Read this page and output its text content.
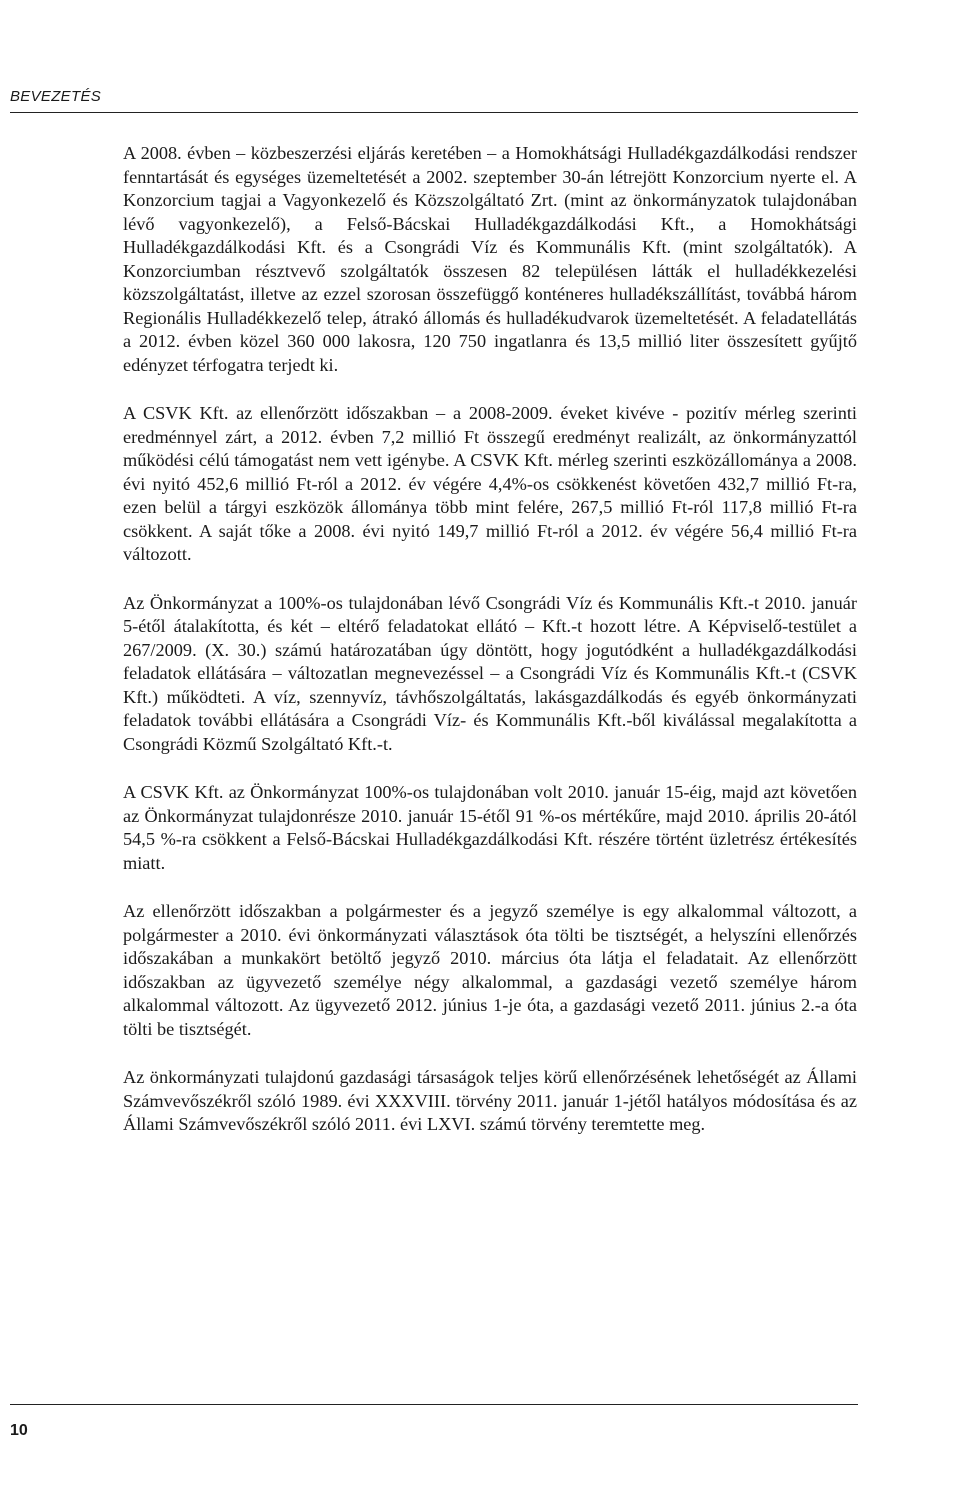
BEVEZETÉS

A 2008. évben – közbeszerzési eljárás keretében – a Homokhátsági Hulladékgazdálkodási rendszer fenntartását és egységes üzemeltetését a 2002. szeptember 30-án létrejött Konzorcium nyerte el. A Konzorcium tagjai a Vagyonkezelő és Közszolgáltató Zrt. (mint az önkormányzatok tulajdonában lévő vagyonkezelő), a Felső-Bácskai Hulladékgazdálkodási Kft., a Homokhátsági Hulladékgazdálkodási Kft. és a Csongrádi Víz és Kommunális Kft. (mint szolgáltatók). A Konzorciumban résztvevő szolgáltatók összesen 82 településen látták el hulladékkezelési közszolgáltatást, illetve az ezzel szorosan összefüggő konténeres hulladékszállítást, továbbá három Regionális Hulladékkezelő telep, átrakó állomás és hulladékudvarok üzemeltetését. A feladatellátás a 2012. évben közel 360 000 lakosra, 120 750 ingatlanra és 13,5 millió liter összesített gyűjtő edényzet térfogatra terjedt ki.

A CSVK Kft. az ellenőrzött időszakban – a 2008-2009. éveket kivéve - pozitív mérleg szerinti eredménnyel zárt, a 2012. évben 7,2 millió Ft összegű eredményt realizált, az önkormányzattól működési célú támogatást nem vett igénybe. A CSVK Kft. mérleg szerinti eszközállománya a 2008. évi nyitó 452,6 millió Ft-ról a 2012. év végére 4,4%-os csökkenést követően 432,7 millió Ft-ra, ezen belül a tárgyi eszközök állománya több mint felére, 267,5 millió Ft-ról 117,8 millió Ft-ra csökkent. A saját tőke a 2008. évi nyitó 149,7 millió Ft-ról a 2012. év végére 56,4 millió Ft-ra változott.

Az Önkormányzat a 100%-os tulajdonában lévő Csongrádi Víz és Kommunális Kft.-t 2010. január 5-étől átalakította, és két – eltérő feladatokat ellátó – Kft.-t hozott létre. A Képviselő-testület a 267/2009. (X. 30.) számú határozatában úgy döntött, hogy jogutódként a hulladékgazdálkodási feladatok ellátására – változatlan megnevezéssel – a Csongrádi Víz és Kommunális Kft.-t (CSVK Kft.) működteti. A víz, szennyvíz, távhőszolgáltatás, lakásgazdálkodás és egyéb önkormányzati feladatok további ellátására a Csongrádi Víz- és Kommunális Kft.-ből kiválással megalakította a Csongrádi Közmű Szolgáltató Kft.-t.

A CSVK Kft. az Önkormányzat 100%-os tulajdonában volt 2010. január 15-éig, majd azt követően az Önkormányzat tulajdonrésze 2010. január 15-étől 91 %-os mértékűre, majd 2010. április 20-ától 54,5 %-ra csökkent a Felső-Bácskai Hulladékgazdálkodási Kft. részére történt üzletrész értékesítés miatt.

Az ellenőrzött időszakban a polgármester és a jegyző személye is egy alkalommal változott, a polgármester a 2010. évi önkormányzati választások óta tölti be tisztségét, a helyszíni ellenőrzés időszakában a munkakört betöltő jegyző 2010. március óta látja el feladatait. Az ellenőrzött időszakban az ügyvezető személye négy alkalommal, a gazdasági vezető személye három alkalommal változott. Az ügyvezető 2012. június 1-je óta, a gazdasági vezető 2011. június 2.-a óta tölti be tisztségét.

Az önkormányzati tulajdonú gazdasági társaságok teljes körű ellenőrzésének lehetőségét az Állami Számvevőszékről szóló 1989. évi XXXVIII. törvény 2011. január 1-jétől hatályos módosítása és az Állami Számvevőszékről szóló 2011. évi LXVI. számú törvény teremtette meg.

10
